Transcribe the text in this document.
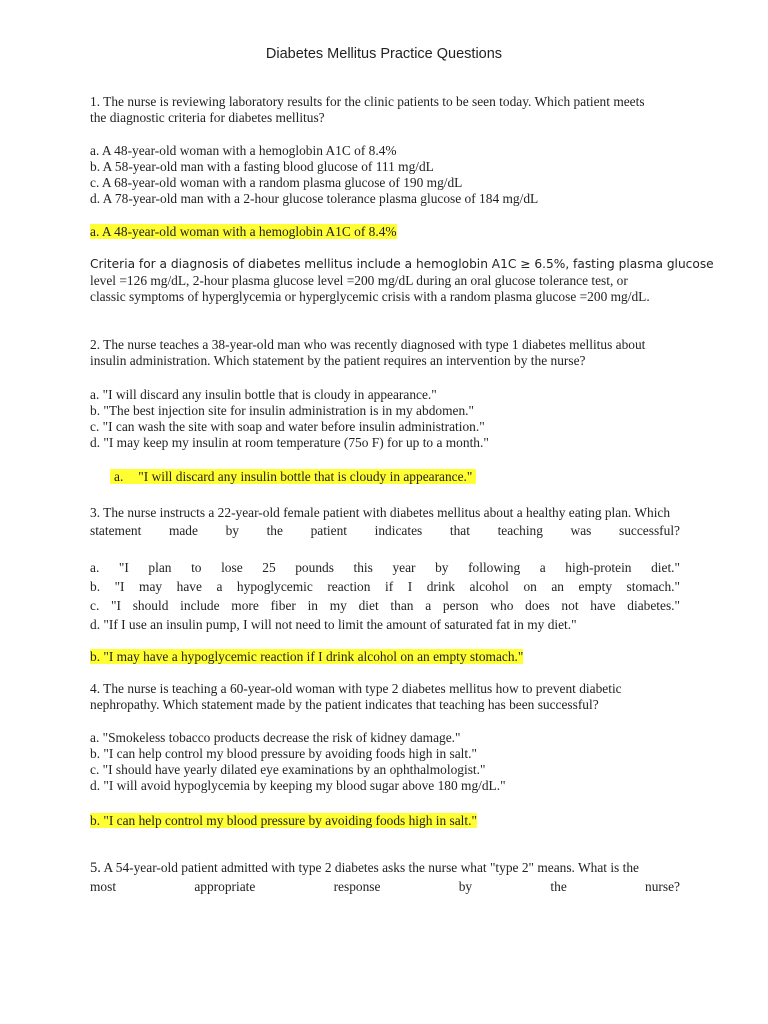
Diabetes Mellitus Practice Questions
1. The nurse is reviewing laboratory results for the clinic patients to be seen today. Which patient meets
the diagnostic criteria for diabetes mellitus?
a. A 48-year-old woman with a hemoglobin A1C of 8.4%
b. A 58-year-old man with a fasting blood glucose of 111 mg/dL
c. A 68-year-old woman with a random plasma glucose of 190 mg/dL
d. A 78-year-old man with a 2-hour glucose tolerance plasma glucose of 184 mg/dL
a. A 48-year-old woman with a hemoglobin A1C of 8.4%
Criteria for a diagnosis of diabetes mellitus include a hemoglobin A1C ≥ 6.5%, fasting plasma glucose
level =126 mg/dL, 2-hour plasma glucose level =200 mg/dL during an oral glucose tolerance test, or
classic symptoms of hyperglycemia or hyperglycemic crisis with a random plasma glucose =200 mg/dL.
2. The nurse teaches a 38-year-old man who was recently diagnosed with type 1 diabetes mellitus about
insulin administration. Which statement by the patient requires an intervention by the nurse?
a. "I will discard any insulin bottle that is cloudy in appearance."
b. "The best injection site for insulin administration is in my abdomen."
c. "I can wash the site with soap and water before insulin administration."
d. "I may keep my insulin at room temperature (75o F) for up to a month."
a. "I will discard any insulin bottle that is cloudy in appearance."
3. The nurse instructs a 22-year-old female patient with diabetes mellitus about a healthy eating plan. Which
statement made by the patient indicates that teaching was successful?
a. "I plan to lose 25 pounds this year by following a high-protein diet."
b. "I may have a hypoglycemic reaction if I drink alcohol on an empty stomach."
c. "I should include more fiber in my diet than a person who does not have diabetes."
d. "If I use an insulin pump, I will not need to limit the amount of saturated fat in my diet."
b. "I may have a hypoglycemic reaction if I drink alcohol on an empty stomach."
4. The nurse is teaching a 60-year-old woman with type 2 diabetes mellitus how to prevent diabetic
nephropathy. Which statement made by the patient indicates that teaching has been successful?
a. "Smokeless tobacco products decrease the risk of kidney damage."
b. "I can help control my blood pressure by avoiding foods high in salt."
c. "I should have yearly dilated eye examinations by an ophthalmologist."
d. "I will avoid hypoglycemia by keeping my blood sugar above 180 mg/dL."
b. "I can help control my blood pressure by avoiding foods high in salt."
5. A 54-year-old patient admitted with type 2 diabetes asks the nurse what "type 2" means. What is the
most appropriate response by the nurse?
